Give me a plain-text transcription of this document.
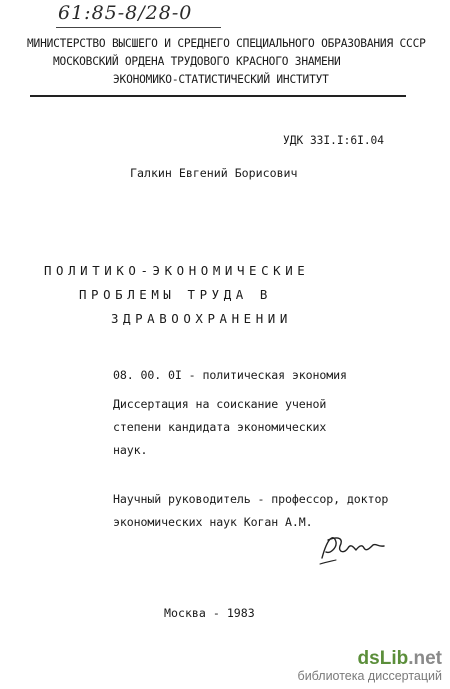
61:85-8/28-0
МИНИСТЕРСТВО ВЫСШЕГО И СРЕДНЕГО СПЕЦИАЛЬНОГО ОБРАЗОВАНИЯ СССР
МОСКОВСКИЙ ОРДЕНА ТРУДОВОГО КРАСНОГО ЗНАМЕНИ
ЭКОНОМИКО-СТАТИСТИЧЕСКИЙ ИНСТИТУТ
УДК 33I.I:6I.04
Галкин Евгений Борисович
ПОЛИТИКО-ЭКОНОМИЧЕСКИЕ
ПРОБЛЕМЫ ТРУДА В
ЗДРАВООХРАНЕНИИ
08. 00. 0I - политическая экономия
Диссертация на соискание ученой
степени кандидата экономических
наук.
Научный руководитель - профессор, доктор
экономических наук Коган А.М.
Москва - 1983
dsLib.net
библиотека диссертаций
